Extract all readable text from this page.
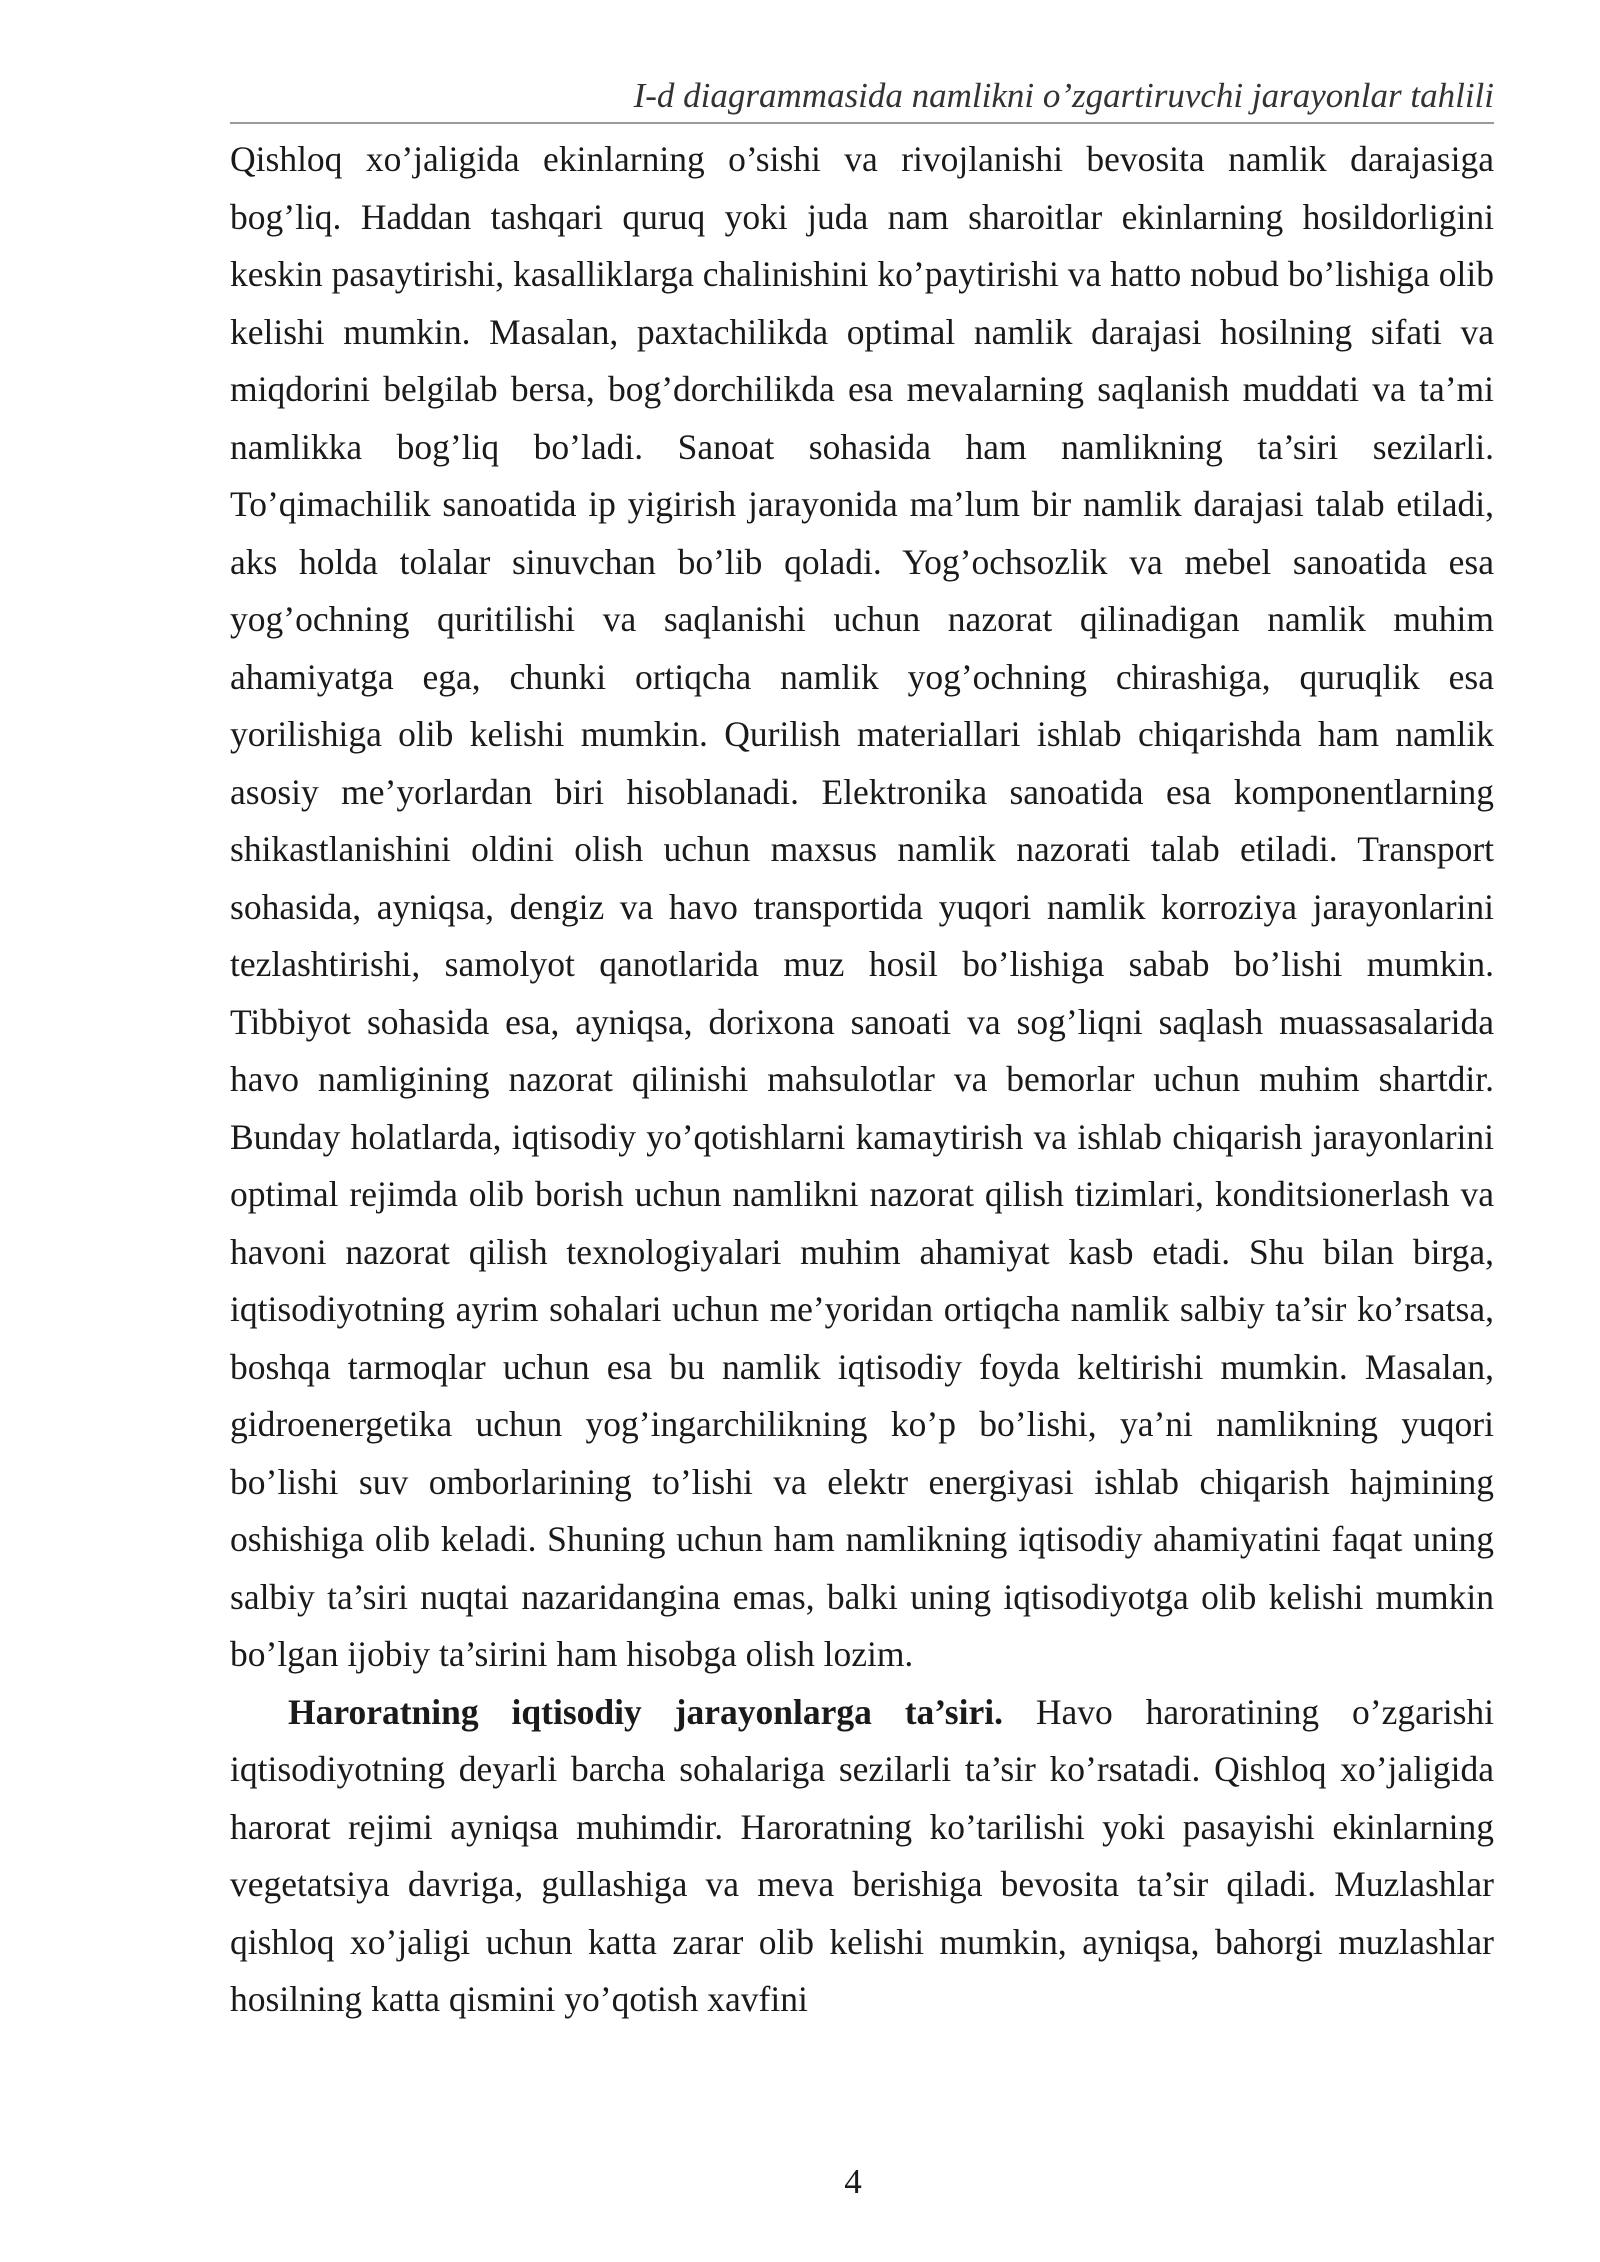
I-d diagrammasida namlikni o’zgartiruvchi jarayonlar tahlili

Qishloq xo’jaligida ekinlarning o’sishi va rivojlanishi bevosita namlik darajasiga bog’liq. Haddan tashqari quruq yoki juda nam sharoitlar ekinlarning hosildorligini keskin pasaytirishi, kasalliklarga chalinishini ko’paytirishi va hatto nobud bo’lishiga olib kelishi mumkin. Masalan, paxtachilikda optimal namlik darajasi hosilning sifati va miqdorini belgilab bersa, bog’dorchilikda esa mevalarning saqlanish muddati va ta’mi namlikka bog’liq bo’ladi. Sanoat sohasida ham namlikning ta’siri sezilarli. To’qimachilik sanoatida ip yigirish jarayonida ma’lum bir namlik darajasi talab etiladi, aks holda tolalar sinuvchan bo’lib qoladi. Yog’ochsozlik va mebel sanoatida esa yog’ochning quritilishi va saqlanishi uchun nazorat qilinadigan namlik muhim ahamiyatga ega, chunki ortiqcha namlik yog’ochning chirashiga, quruqlik esa yorilishiga olib kelishi mumkin. Qurilish materiallari ishlab chiqarishda ham namlik asosiy me’yorlardan biri hisoblanadi. Elektronika sanoatida esa komponentlarning shikastlanishini oldini olish uchun maxsus namlik nazorati talab etiladi. Transport sohasida, ayniqsa, dengiz va havo transportida yuqori namlik korroziya jarayonlarini tezlashtirishi, samolyot qanotlarida muz hosil bo’lishiga sabab bo’lishi mumkin. Tibbiyot sohasida esa, ayniqsa, dorixona sanoati va sog’liqni saqlash muassasalarida havo namligining nazorat qilinishi mahsulotlar va bemorlar uchun muhim shartdir. Bunday holatlarda, iqtisodiy yo’qotishlarni kamaytirish va ishlab chiqarish jarayonlarini optimal rejimda olib borish uchun namlikni nazorat qilish tizimlari, konditsionerlash va havoni nazorat qilish texnologiyalari muhim ahamiyat kasb etadi. Shu bilan birga, iqtisodiyotning ayrim sohalari uchun me’yoridan ortiqcha namlik salbiy ta’sir ko’rsatsa, boshqa tarmoqlar uchun esa bu namlik iqtisodiy foyda keltirishi mumkin. Masalan, gidroenergetika uchun yog’ingarchilikning ko’p bo’lishi, ya’ni namlikning yuqori bo’lishi suv omborlarining to’lishi va elektr energiyasi ishlab chiqarish hajmining oshishiga olib keladi. Shuning uchun ham namlikning iqtisodiy ahamiyatini faqat uning salbiy ta’siri nuqtai nazaridangina emas, balki uning iqtisodiyotga olib kelishi mumkin bo’lgan ijobiy ta’sirini ham hisobga olish lozim.

Haroratning iqtisodiy jarayonlarga ta’siri. Havo haroratining o’zgarishi iqtisodiyotning deyarli barcha sohalariga sezilarli ta’sir ko’rsatadi. Qishloq xo’jaligida harorat rejimi ayniqsa muhimdir. Haroratning ko’tarilishi yoki pasayishi ekinlarning vegetatsiya davriga, gullashiga va meva berishiga bevosita ta’sir qiladi. Muzlashlar qishloq xo’jaligi uchun katta zarar olib kelishi mumkin, ayniqsa, bahorgi muzlashlar hosilning katta qismini yo’qotish xavfini

4
